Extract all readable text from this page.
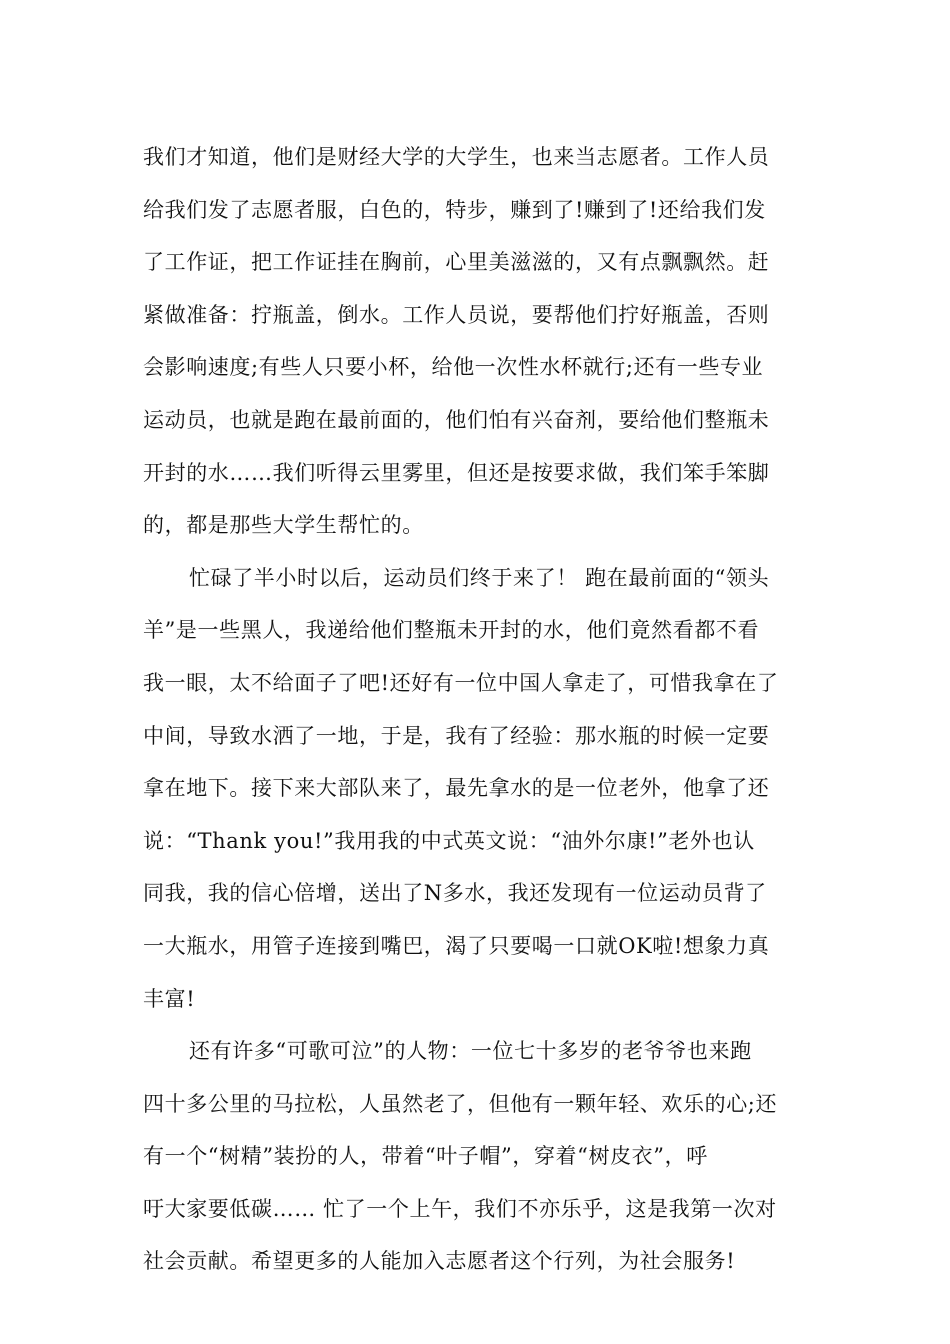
我们才知道，他们是财经大学的大学生，也来当志愿者。工作人员
给我们发了志愿者服，白色的，特步，赚到了!赚到了!还给我们发
了工作证，把工作证挂在胸前，心里美滋滋的，又有点飘飘然。赶
紧做准备：拧瓶盖，倒水。工作人员说，要帮他们拧好瓶盖，否则
会影响速度;有些人只要小杯，给他一次性水杯就行;还有一些专业
运动员，也就是跑在最前面的，他们怕有兴奋剂，要给他们整瓶未
开封的水……我们听得云里雾里，但还是按要求做，我们笨手笨脚
的，都是那些大学生帮忙的。
忙碌了半小时以后，运动员们终于来了！ 跑在最前面的“领头
羊”是一些黑人，我递给他们整瓶未开封的水，他们竟然看都不看
我一眼，太不给面子了吧!还好有一位中国人拿走了，可惜我拿在了
中间，导致水洒了一地，于是，我有了经验：那水瓶的时候一定要
拿在地下。接下来大部队来了，最先拿水的是一位老外，他拿了还
说：“Thank you!”我用我的中式英文说：“油外尔康!”老外也认
同我，我的信心倍增，送出了N多水，我还发现有一位运动员背了
一大瓶水，用管子连接到嘴巴，渴了只要喝一口就OK啦!想象力真
丰富!
还有许多“可歌可泣”的人物：一位七十多岁的老爷爷也来跑
四十多公里的马拉松，人虽然老了，但他有一颗年轻、欢乐的心;还
有一个“树精”装扮的人，带着“叶子帽”，穿着“树皮衣”，呼
吁大家要低碳…… 忙了一个上午，我们不亦乐乎，这是我第一次对
社会贡献。希望更多的人能加入志愿者这个行列，为社会服务!
